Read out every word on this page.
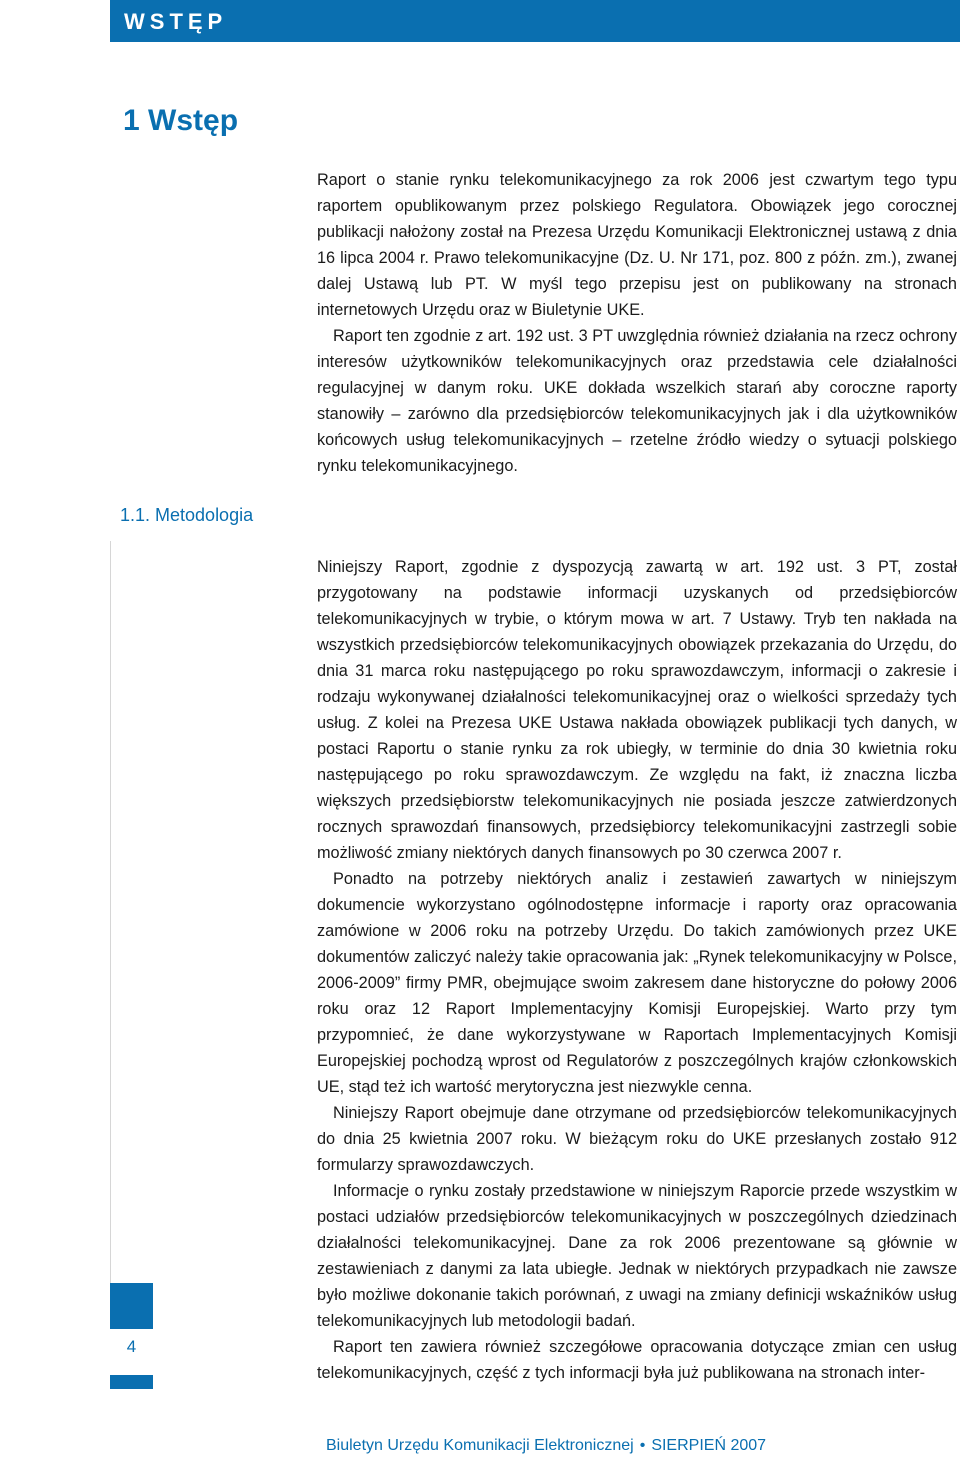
WSTĘP
1 Wstęp

Raport o stanie rynku telekomunikacyjnego za rok 2006 jest czwartym tego typu raportem opublikowanym przez polskiego Regulatora. Obowiązek jego corocznej publikacji nałożony został na Prezesa Urzędu Komunikacji Elektronicznej ustawą z dnia 16 lipca 2004 r. Prawo telekomunikacyjne (Dz. U. Nr 171, poz. 800 z późn. zm.), zwanej dalej Ustawą lub PT. W myśl tego przepisu jest on publikowany na stronach internetowych Urzędu oraz w Biuletynie UKE.

Raport ten zgodnie z art. 192 ust. 3 PT uwzględnia również działania na rzecz ochrony interesów użytkowników telekomunikacyjnych oraz przedstawia cele działalności regulacyjnej w danym roku. UKE dokłada wszelkich starań aby coroczne raporty stanowiły – zarówno dla przedsiębiorców telekomunikacyjnych jak i dla użytkowników końcowych usług telekomunikacyjnych – rzetelne źródło wiedzy o sytuacji polskiego rynku telekomunikacyjnego.

1.1. Metodologia

Niniejszy Raport, zgodnie z dyspozycją zawartą w art. 192 ust. 3 PT, został przygotowany na podstawie informacji uzyskanych od przedsiębiorców telekomunikacyjnych w trybie, o którym mowa w art. 7 Ustawy. Tryb ten nakłada na wszystkich przedsiębiorców telekomunikacyjnych obowiązek przekazania do Urzędu, do dnia 31 marca roku następującego po roku sprawozdawczym, informacji o zakresie i rodzaju wykonywanej działalności telekomunikacyjnej oraz o wielkości sprzedaży tych usług. Z kolei na Prezesa UKE Ustawa nakłada obowiązek publikacji tych danych, w postaci Raportu o stanie rynku za rok ubiegły, w terminie do dnia 30 kwietnia roku następującego po roku sprawozdawczym. Ze względu na fakt, iż znaczna liczba większych przedsiębiorstw telekomunikacyjnych nie posiada jeszcze zatwierdzonych rocznych sprawozdań finansowych, przedsiębiorcy telekomunikacyjni zastrzegli sobie możliwość zmiany niektórych danych finansowych po 30 czerwca 2007 r.

Ponadto na potrzeby niektórych analiz i zestawień zawartych w niniejszym dokumencie wykorzystano ogólnodostępne informacje i raporty oraz opracowania zamówione w 2006 roku na potrzeby Urzędu. Do takich zamówionych przez UKE dokumentów zaliczyć należy takie opracowania jak: „Rynek telekomunikacyjny w Polsce, 2006-2009” firmy PMR, obejmujące swoim zakresem dane historyczne do połowy 2006 roku oraz 12 Raport Implementacyjny Komisji Europejskiej. Warto przy tym przypomnieć, że dane wykorzystywane w Raportach Implementacyjnych Komisji Europejskiej pochodzą wprost od Regulatorów z poszczególnych krajów członkowskich UE, stąd też ich wartość merytoryczna jest niezwykle cenna.

Niniejszy Raport obejmuje dane otrzymane od przedsiębiorców telekomunikacyjnych do dnia 25 kwietnia 2007 roku. W bieżącym roku do UKE przesłanych zostało 912 formularzy sprawozdawczych.

Informacje o rynku zostały przedstawione w niniejszym Raporcie przede wszystkim w postaci udziałów przedsiębiorców telekomunikacyjnych w poszczególnych dziedzinach działalności telekomunikacyjnej. Dane za rok 2006 prezentowane są głównie w zestawieniach z danymi za lata ubiegłe. Jednak w niektórych przypadkach nie zawsze było możliwe dokonanie takich porównań, z uwagi na zmiany definicji wskaźników usług telekomunikacyjnych lub metodologii badań.

Raport ten zawiera również szczegółowe opracowania dotyczące zmian cen usług telekomunikacyjnych, część z tych informacji była już publikowana na stronach inter-

4
Biuletyn Urzędu Komunikacji Elektronicznej • SIERPIEŃ 2007
